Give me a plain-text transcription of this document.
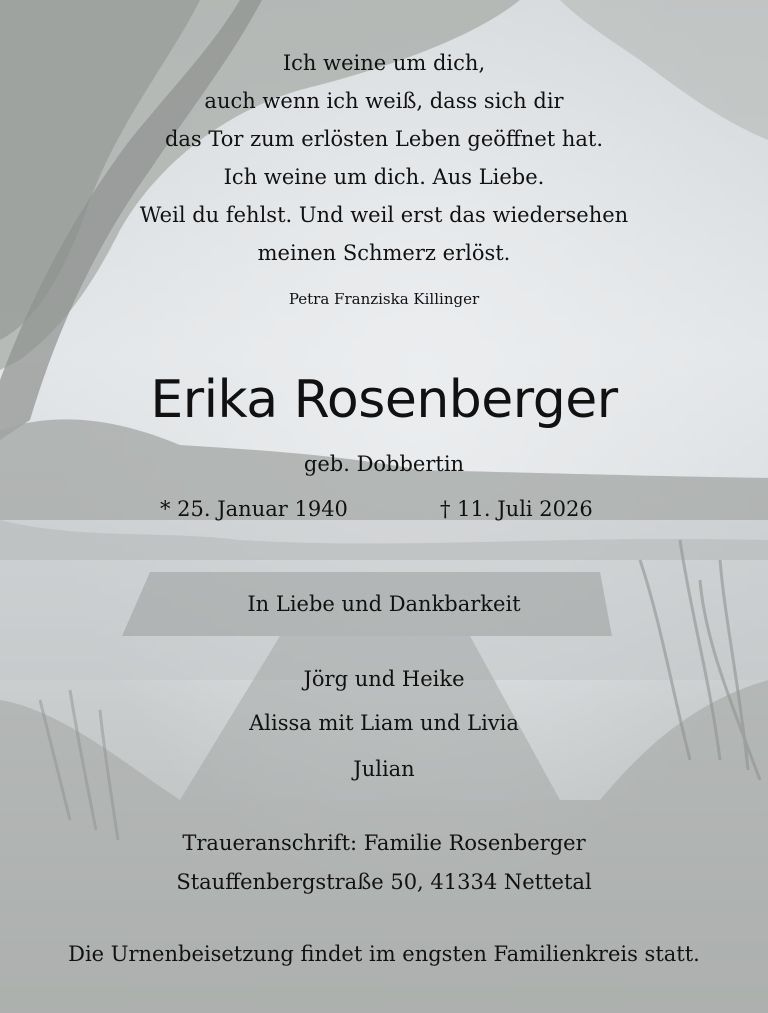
Ich weine um dich,
auch wenn ich weiß, dass sich dir
das Tor zum erlösten Leben geöffnet hat.
Ich weine um dich. Aus Liebe.
Weil du fehlst. Und weil erst das wiedersehen
meinen Schmerz erlöst.
Petra Franziska Killinger
Erika Rosenberger
geb. Dobbertin
* 25. Januar 1940	† 11. Juli 2026
In Liebe und Dankbarkeit
Jörg und Heike
Alissa mit Liam und Livia
Julian
Traueranschrift: Familie Rosenberger
Stauffenbergstraße 50, 41334 Nettetal
Die Urnenbeisetzung findet im engsten Familienkreis statt.
